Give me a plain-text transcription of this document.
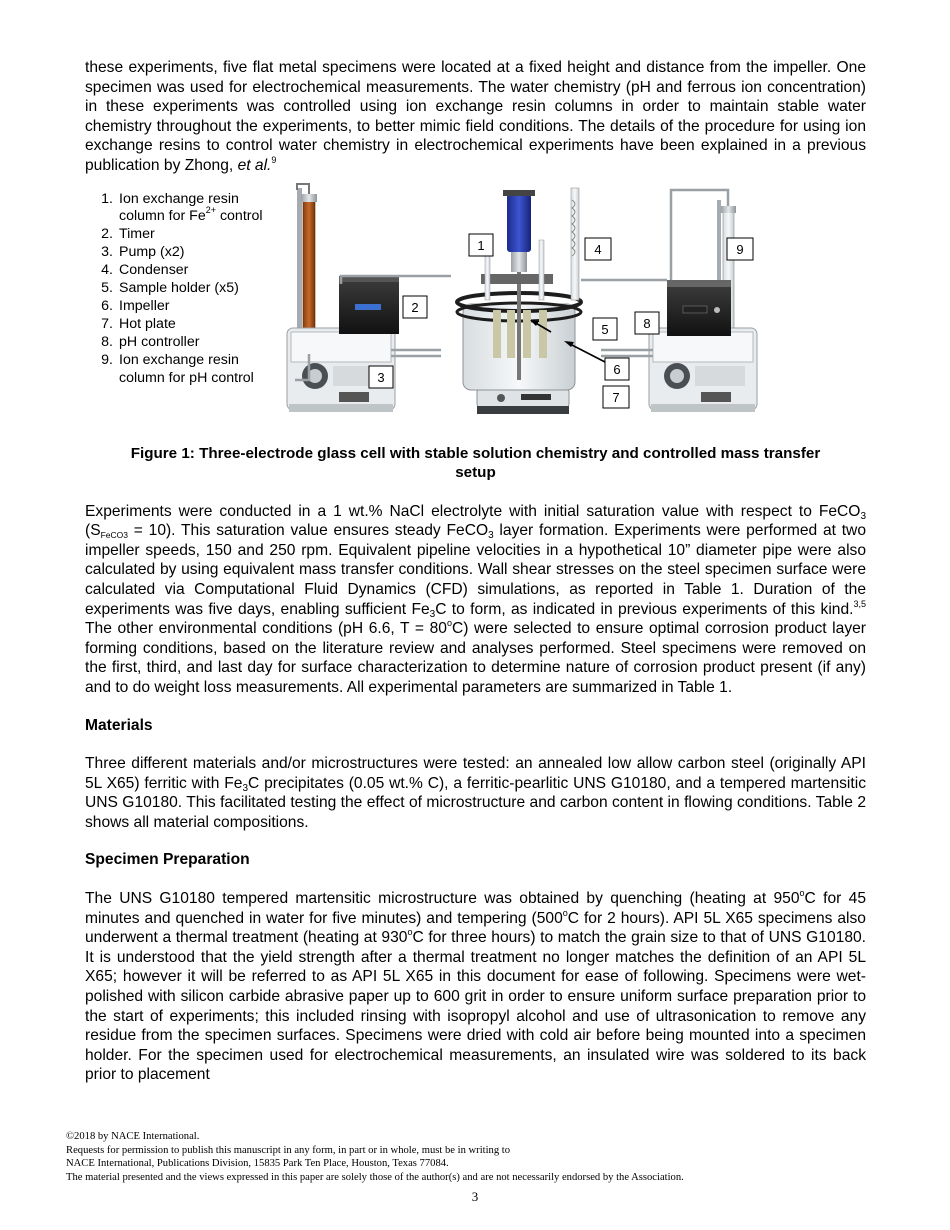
these experiments, five flat metal specimens were located at a fixed height and distance from the impeller. One specimen was used for electrochemical measurements. The water chemistry (pH and ferrous ion concentration) in these experiments was controlled using ion exchange resin columns in order to maintain stable water chemistry throughout the experiments, to better mimic field conditions. The details of the procedure for using ion exchange resins to control water chemistry in electrochemical experiments have been explained in a previous publication by Zhong, et al.$^9$

1. Ion exchange resin
column for $Fe^{2+}$ control
2. Timer
3. Pump (x2)
4. Condenser
5. Sample holder (x5)
6. Impeller
7. Hot plate
8. pH controller
9. Ion exchange resin
column for pH control
1
2
3
4
5
6
7
8
9

Figure 1: Three-electrode glass cell with stable solution chemistry and controlled mass transfer
setup

Experiments were conducted in a 1 wt.% NaCl electrolyte with initial saturation value with respect to FeCO$_3$ $(S_{FeCO3} = 10)$. This saturation value ensures steady FeCO$_3$ layer formation. Experiments were performed at two impeller speeds, 150 and 250 rpm. Equivalent pipeline velocities in a hypothetical 10” diameter pipe were also calculated by using equivalent mass transfer conditions. Wall shear stresses on the steel specimen surface were calculated via Computational Fluid Dynamics (CFD) simulations, as reported in Table 1. Duration of the experiments was five days, enabling sufficient $Fe_3C$ to form, as indicated in previous experiments of this kind.$^{3,5}$ The other environmental conditions (pH 6.6, $T = 80^oC$) were selected to ensure optimal corrosion product layer forming conditions, based on the literature review and analyses performed. Steel specimens were removed on the first, third, and last day for surface characterization to determine nature of corrosion product present (if any) and to do weight loss measurements. All experimental parameters are summarized in Table 1.

Materials

Three different materials and/or microstructures were tested: an annealed low allow carbon steel (originally API 5L X65) ferritic with $Fe_3C$ precipitates (0.05 wt.% C), a ferritic-pearlitic UNS G10180, and a tempered martensitic UNS G10180. This facilitated testing the effect of microstructure and carbon content in flowing conditions. Table 2 shows all material compositions.

Specimen Preparation

The UNS G10180 tempered martensitic microstructure was obtained by quenching (heating at 950$^o$C for 45 minutes and quenched in water for five minutes) and tempering (500$^o$C for 2 hours). API 5L X65 specimens also underwent a thermal treatment (heating at 930$^o$C for three hours) to match the grain size to that of UNS G10180. It is understood that the yield strength after a thermal treatment no longer matches the definition of an API 5L X65; however it will be referred to as API 5L X65 in this document for ease of following. Specimens were wet-polished with silicon carbide abrasive paper up to 600 grit in order to ensure uniform surface preparation prior to the start of experiments; this included rinsing with isopropyl alcohol and use of ultrasonication to remove any residue from the specimen surfaces. Specimens were dried with cold air before being mounted into a specimen holder. For the specimen used for electrochemical measurements, an insulated wire was soldered to its back prior to placement

©2018 by NACE International.
Requests for permission to publish this manuscript in any form, in part or in whole, must be in writing to
NACE International, Publications Division, 15835 Park Ten Place, Houston, Texas 77084.
The material presented and the views expressed in this paper are solely those of the author(s) and are not necessarily endorsed by the Association.
3
